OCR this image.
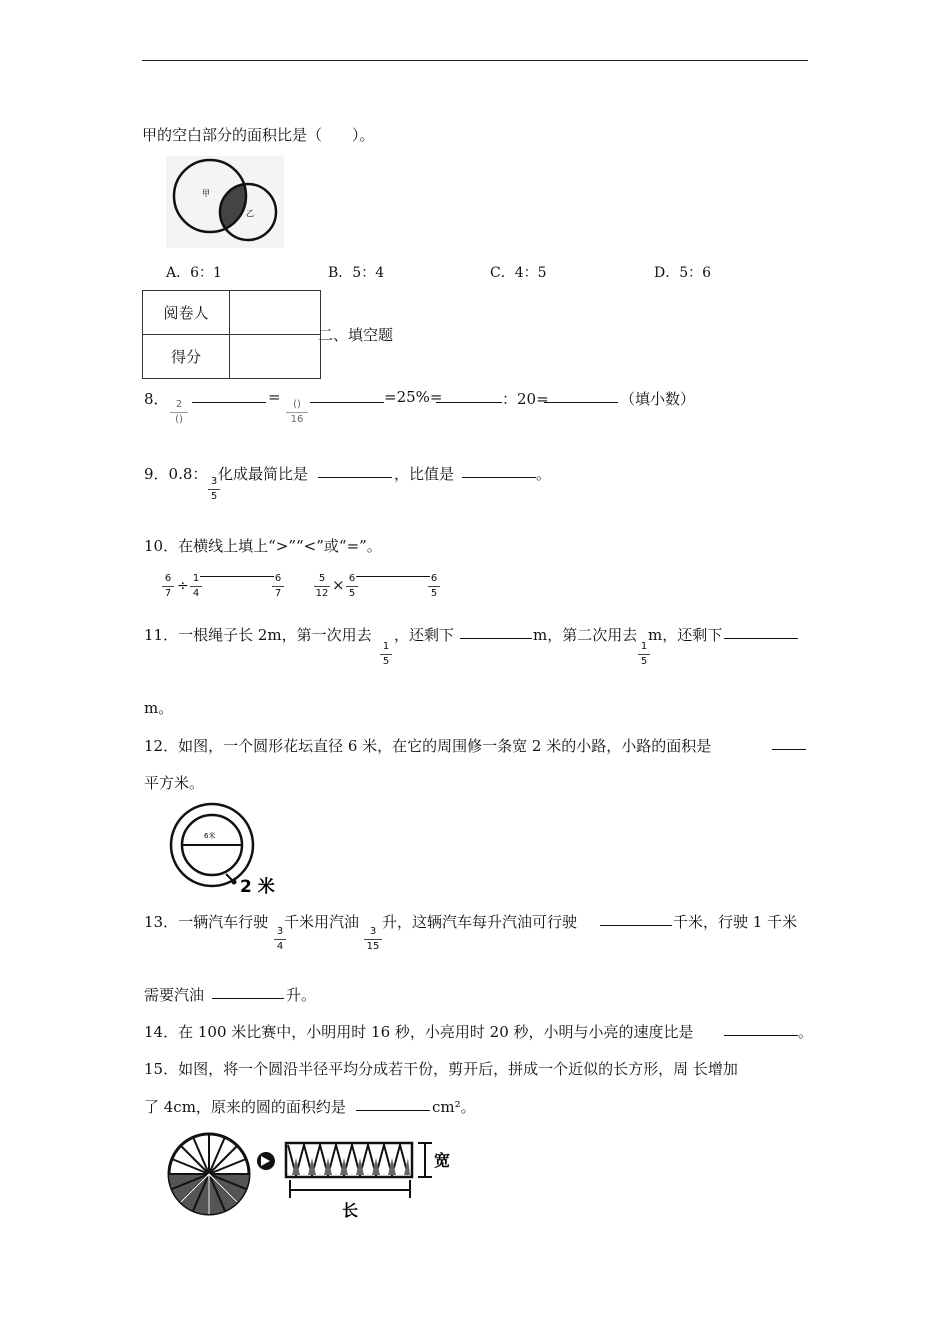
甲的空白部分的面积比是（　　）。
甲
乙
A．6：1	B．5：4	C．4：5	D．5：6
阅卷人	
得分	
二、填空题
8． 2
()
=	()
16
=25%=	：20=	（填小数）
9．0.8： 3
5
化成最简比是	，比值是	。
10．在横线上填上“>”“<”或“=”。
6
7 ÷ 1
4
6
7
5
12 × 6
5
6
5
11．一根绳子长 2m，第一次用去
1
5
，还剩下	m，第二次用去
1
5
m，还剩下
m。
12．如图，一个圆形花坛直径 6 米，在它的周围修一条宽 2 米的小路，小路的面积是
平方米。
6米
2 米
13．一辆汽车行驶
3
4
千米用汽油
3
15
升，这辆汽车每升汽油可行驶	千米，行驶 1 千米
需要汽油	升。
14．在 100 米比赛中，小明用时 16 秒，小亮用时 20 秒，小明与小亮的速度比是	。
15．如图，将一个圆沿半径平均分成若干份，剪开后，拼成一个近似的长方形，周 长增加
了 4cm，原来的圆的面积约是	cm²。
宽
长
